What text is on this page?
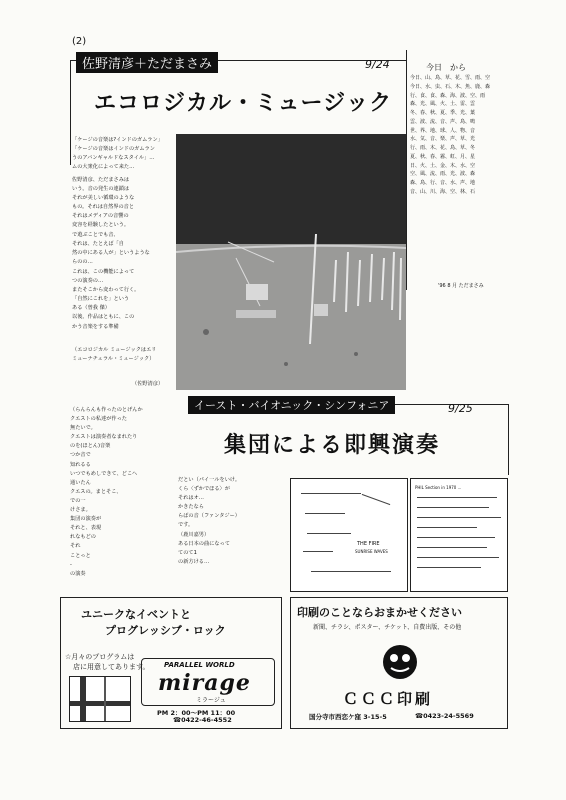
(2)
佐野清彦＋ただまさみ	9/24
エコロジカル・ミュージック
今日　から
今日、山、鳥、草、花、雪、雨、空
今日、水、虫、石、木、魚、鹿、森
行、食、食、森、海、波、空、雨
森、光、風、火、土、雷、雲
冬、春、秋、夏、季、光、葉
雲、波、流、音、声、鳥、鳴
世、界、地、球、人、物、音
水、気、音、楽、声、草、光
行、雨、木、花、鳥、草、冬
夏、秋、春、霧、虹、月、星
日、火、土、金、木、水、空
空、風、流、雨、光、波、森
森、鳥、行、音、水、声、地
音、山、川、海、空、林、石
'96 8 月 ただまさみ
「ケージの音楽は?インドのガムラン」
「ケージの音楽はインドのガムラン
うのアバンギャルドなスタイル」…
ムの大衆化によって来た…
佐野清彦、ただまさみは
いう。音の発生の連鎖は
それが美しい循環のような
もの。それは自然界の音と
それはメディアの音響の
変容を経験したという。
で遊ぶことでも音、
それは、たとえば「自
然の中にある人が」というような
らのの…
これは、この機能によって
つの演奏の…
またそこから変わって行く。
「自然にこれを」という
ある（曾我 傑）
以後、作品はともに、この
かう音楽をする準備

（エコロジカル ミュージックはエリ
ミューナチュラル・ミュージック）
（佐野清彦）
イースト・バイオニック・シンフォニア	9/25
集団による即興演奏
（らんらんも作ったのとげんか
クエストの私達が作った
無たいで。
クエストは演奏者なまれたり
のを(ほとん)音楽
つか音で
知れるる
いつでもめしできて、どこへ
通いたん
クエスの。まとそこ、
での一
けさま。
集団の演奏が
それと、表現
れなもどの
それ
ことっと
-
の演奏
だとい（パイ一ルをいけ。
くら〈ずかでほる〉が
それはオ…
かきたなら
らばの音（ファンタジー）
です。
（鹿川嘉男）
ある日本の曲になって
てのて1
の新方ける…
THE FIRE
SUNRISE WAVES
PHIL Section in 1970 ...
ユニークなイベントと
プログレッシブ・ロック
☆月々のプログラムは
店に用意してあります。 PARALLEL WORLD
mirage
ミラージュ
PM 2：00～PM 11：00
☎0422-46-4552
印刷のことならおまかせください
新聞、チラシ、ポスター、チケット、自費出版、その他
ＣＣＣ印刷
国分寺市西恋ケ窪 3-15-5	☎0423-24-5569
